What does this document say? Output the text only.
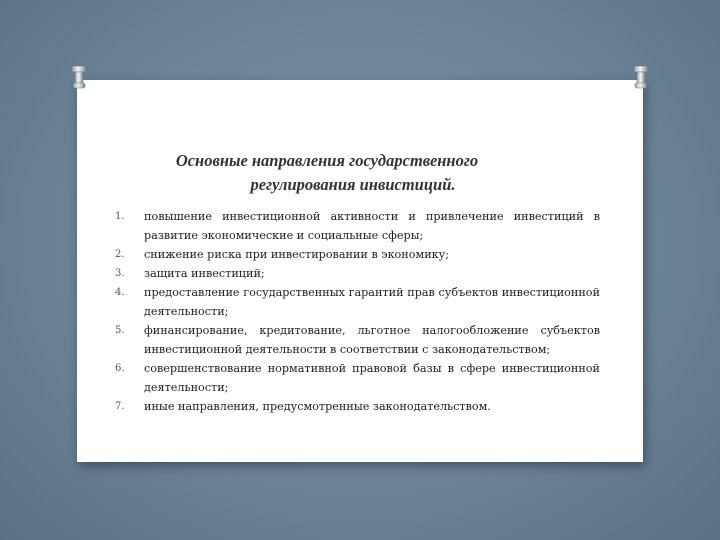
Основные направления государственного
регулирования инвистиций.
1.	повышение инвестиционной активности и привлечение инвестиций в развитие экономические и социальные сферы;
2.	снижение риска при инвестировании в экономику;
3.	защита инвестиций;
4.	предоставление государственных гарантий прав субъектов инвестиционной деятельности;
5.	финансирование, кредитование, льготное налогообложение субъектов инвестиционной деятельности в соответствии с законодательством;
6.	совершенствование нормативной правовой базы в сфере инвестиционной деятельности;
7.	иные направления, предусмотренные законодательством.
